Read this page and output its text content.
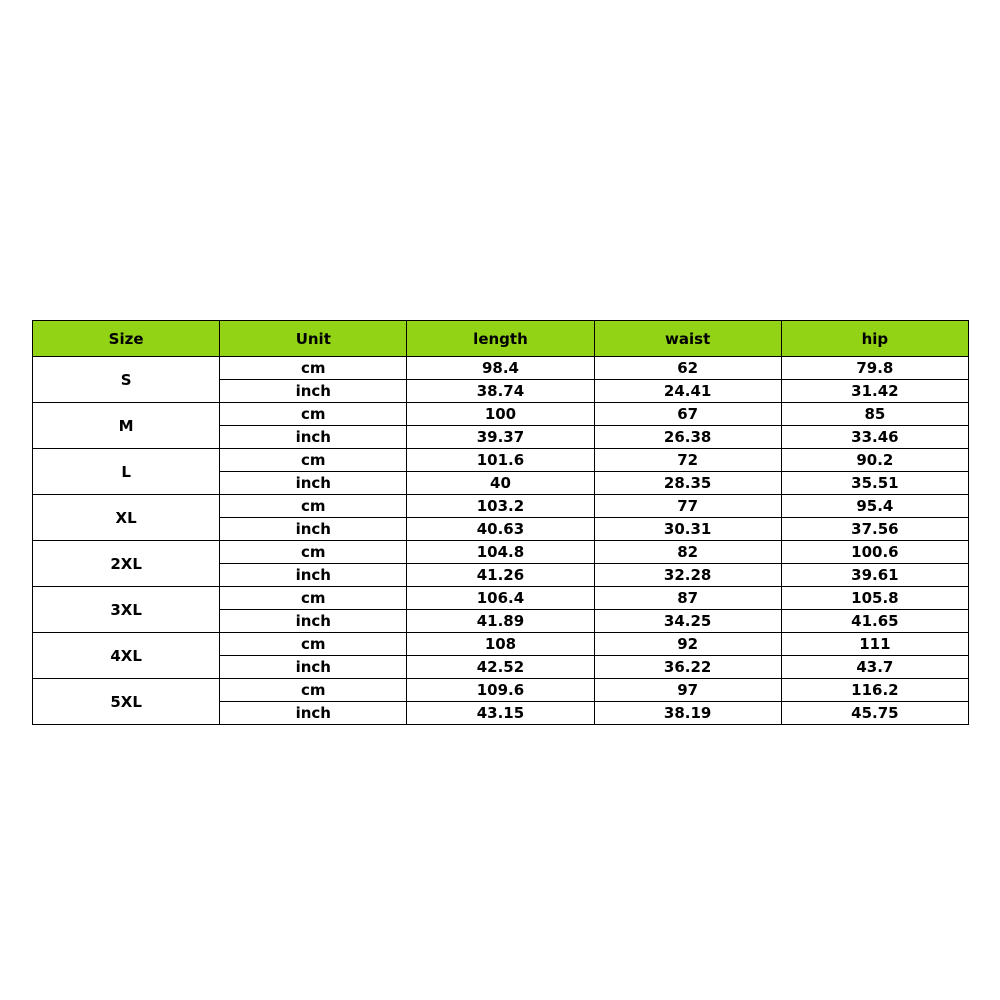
Size	Unit	length	waist	hip
S	cm	98.4	62	79.8
	inch	38.74	24.41	31.42
M	cm	100	67	85
	inch	39.37	26.38	33.46
L	cm	101.6	72	90.2
	inch	40	28.35	35.51
XL	cm	103.2	77	95.4
	inch	40.63	30.31	37.56
2XL	cm	104.8	82	100.6
	inch	41.26	32.28	39.61
3XL	cm	106.4	87	105.8
	inch	41.89	34.25	41.65
4XL	cm	108	92	111
	inch	42.52	36.22	43.7
5XL	cm	109.6	97	116.2
	inch	43.15	38.19	45.75
